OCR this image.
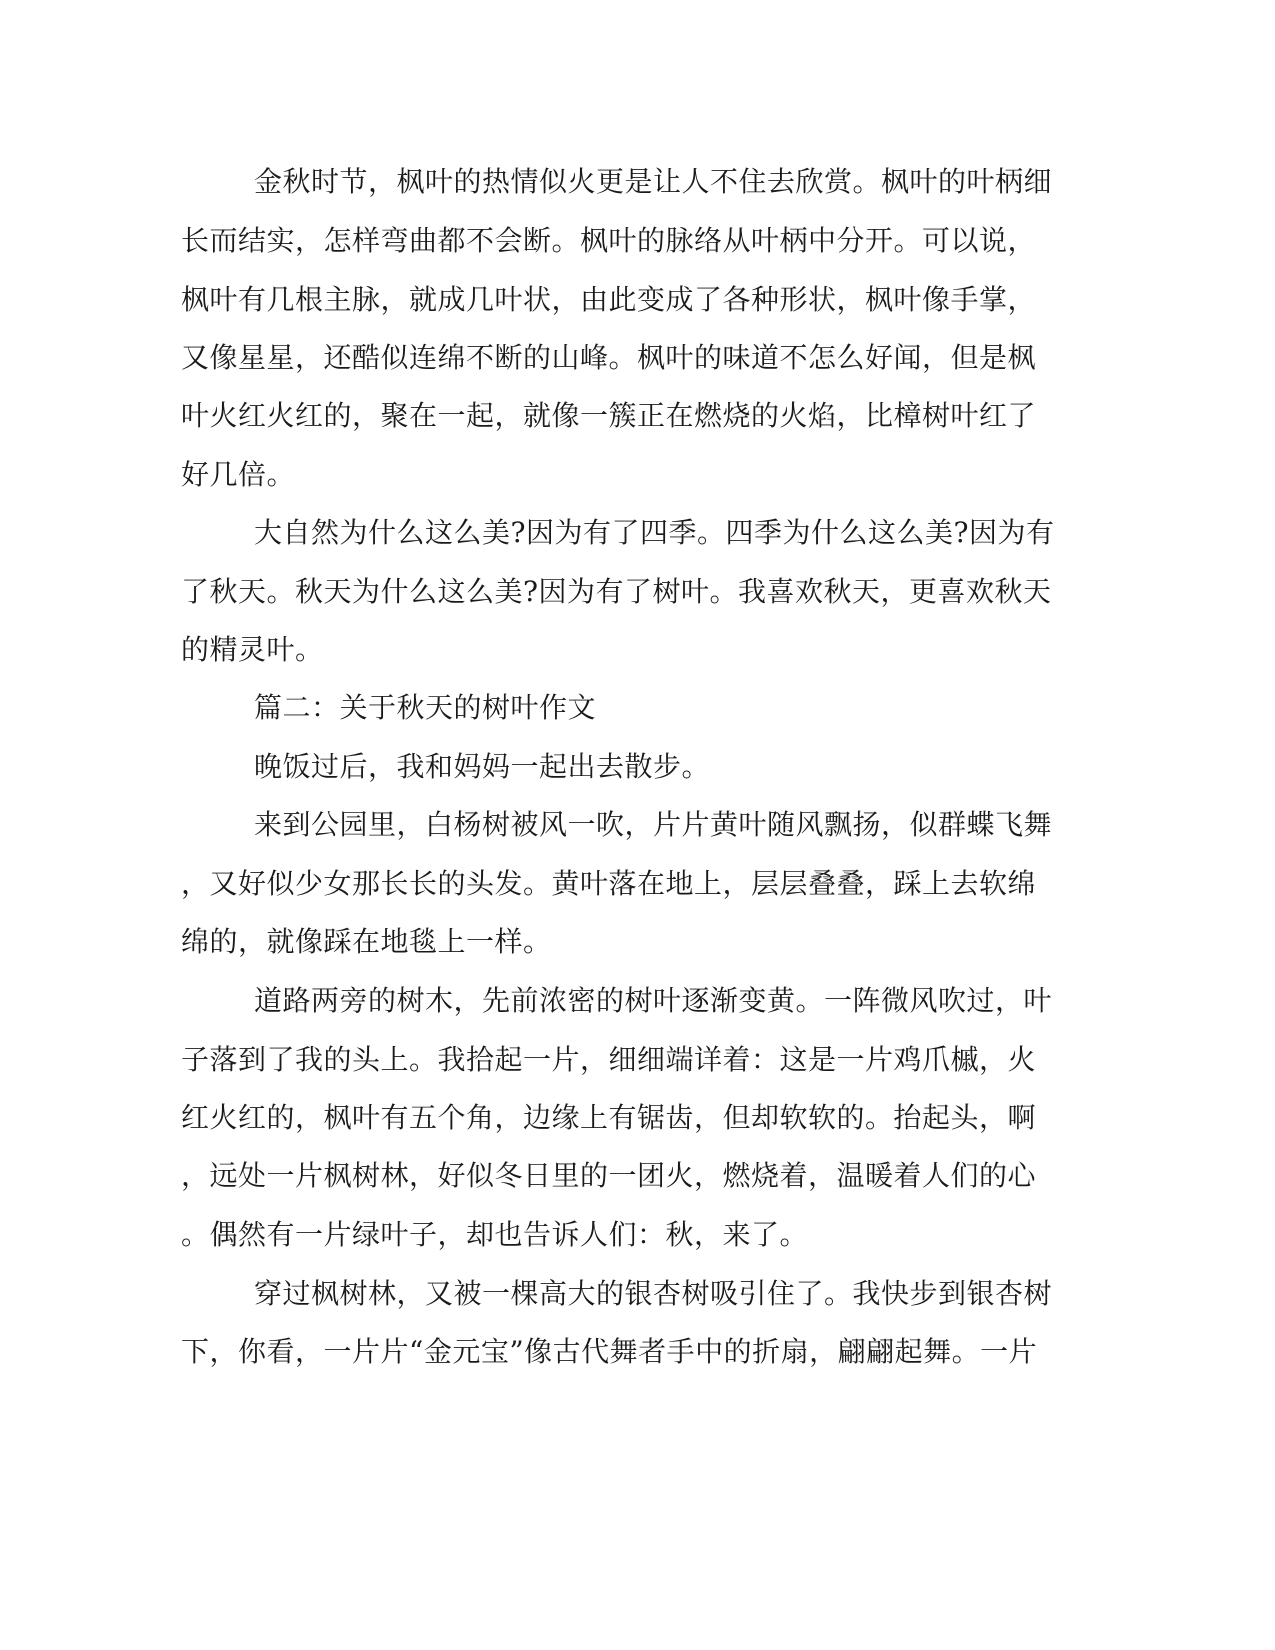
金秋时节，枫叶的热情似火更是让人不住去欣赏。枫叶的叶柄细
长而结实，怎样弯曲都不会断。枫叶的脉络从叶柄中分开。可以说，
枫叶有几根主脉，就成几叶状，由此变成了各种形状，枫叶像手掌，
又像星星，还酷似连绵不断的山峰。枫叶的味道不怎么好闻，但是枫
叶火红火红的，聚在一起，就像一簇正在燃烧的火焰，比樟树叶红了
好几倍。
大自然为什么这么美?因为有了四季。四季为什么这么美?因为有
了秋天。秋天为什么这么美?因为有了树叶。我喜欢秋天，更喜欢秋天
的精灵叶。
篇二：关于秋天的树叶作文
晚饭过后，我和妈妈一起出去散步。
来到公园里，白杨树被风一吹，片片黄叶随风飘扬，似群蝶飞舞
，又好似少女那长长的头发。黄叶落在地上，层层叠叠，踩上去软绵
绵的，就像踩在地毯上一样。
道路两旁的树木，先前浓密的树叶逐渐变黄。一阵微风吹过，叶
子落到了我的头上。我拾起一片，细细端详着：这是一片鸡爪槭，火
红火红的，枫叶有五个角，边缘上有锯齿，但却软软的。抬起头，啊
，远处一片枫树林，好似冬日里的一团火，燃烧着，温暖着人们的心
。偶然有一片绿叶子，却也告诉人们：秋，来了。
穿过枫树林，又被一棵高大的银杏树吸引住了。我快步到银杏树
下，你看，一片片“金元宝”像古代舞者手中的折扇，翩翩起舞。一片
